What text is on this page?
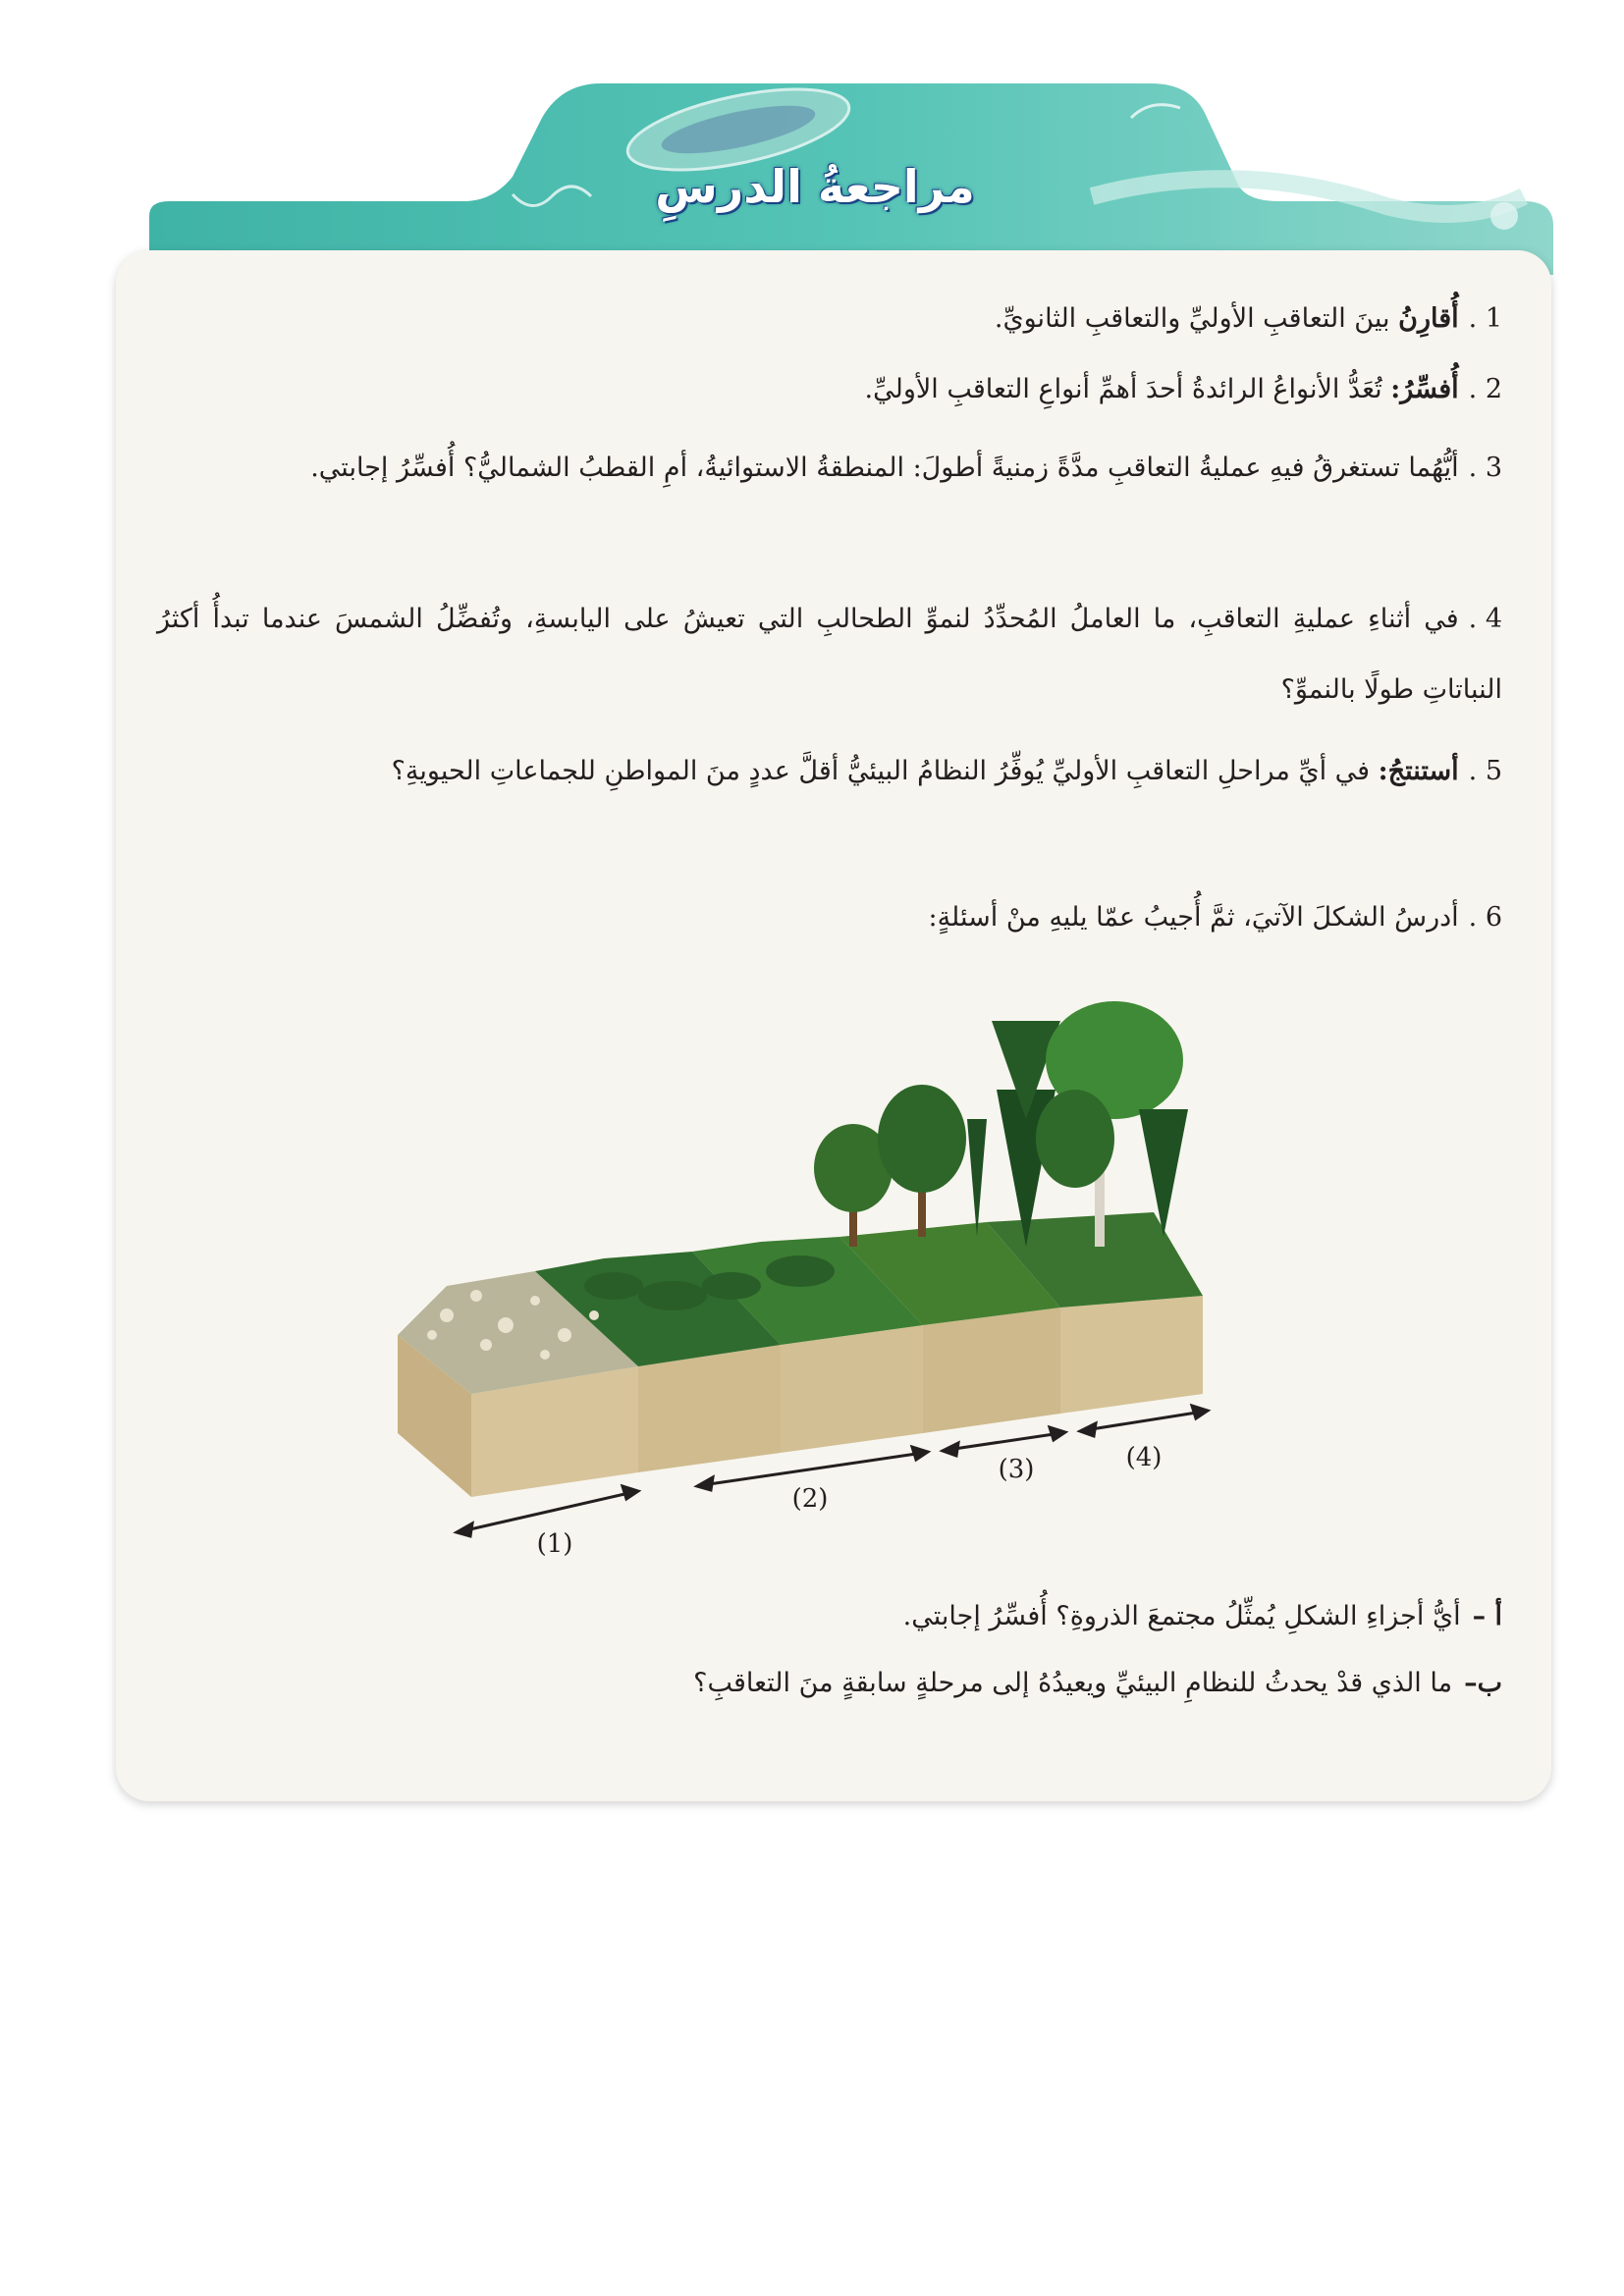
مراجعةُ الدرسِ
1 .أُقارِنُ بينَ التعاقبِ الأوليِّ والتعاقبِ الثانويِّ.
2 .أُفسِّرُ: تُعَدُّ الأنواعُ الرائدةُ أحدَ أهمِّ أنواعِ التعاقبِ الأوليِّ.
3 .أيُّهُما تستغرقُ فيهِ عمليةُ التعاقبِ مدَّةً زمنيةً أطولَ: المنطقةُ الاستوائيةُ، أمِ القطبُ الشماليُّ؟ أُفسِّرُ إجابتي.
4 .في أثناءِ عمليةِ التعاقبِ، ما العاملُ المُحدِّدُ لنموِّ الطحالبِ التي تعيشُ على اليابسةِ، وتُفضِّلُ الشمسَ عندما تبدأُ أكثرُ النباتاتِ طولًا بالنموِّ؟
5 .أستنتجُ: في أيِّ مراحلِ التعاقبِ الأوليِّ يُوفِّرُ النظامُ البيئيُّ أقلَّ عددٍ منَ المواطنِ للجماعاتِ الحيويةِ؟
6 .أدرسُ الشكلَ الآتيَ، ثمَّ أُجيبُ عمّا يليهِ منْ أسئلةٍ:
(1)
(2)
(3)	(4)
أ –أيُّ أجزاءِ الشكلِ يُمثِّلُ مجتمعَ الذروةِ؟ أُفسِّرُ إجابتي.
ب–ما الذي قدْ يحدثُ للنظامِ البيئيِّ ويعيدُهُ إلى مرحلةٍ سابقةٍ منَ التعاقبِ؟
